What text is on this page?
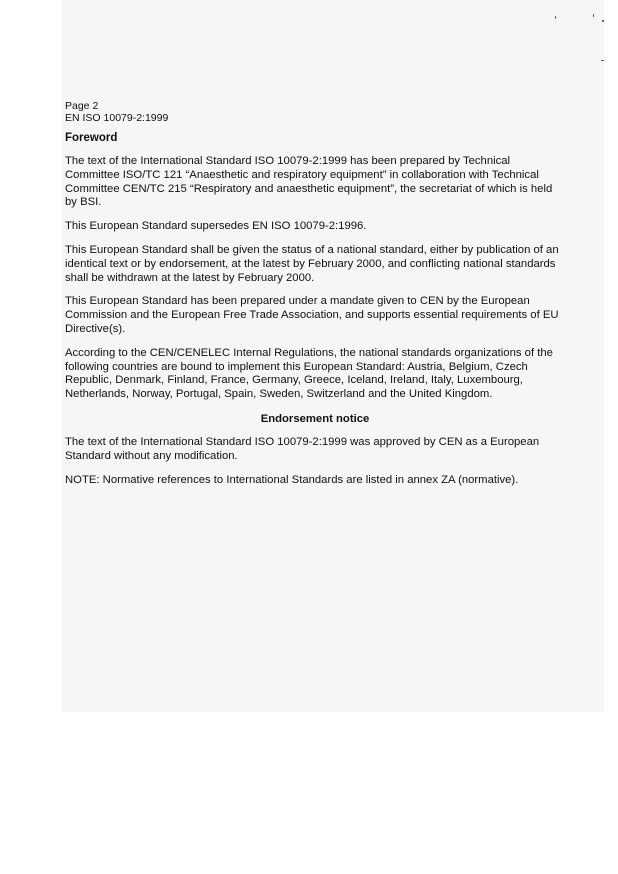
Page 2

EN ISO 10079-2:1999

Foreword

The text of the International Standard ISO 10079-2:1999 has been prepared by Technical Committee ISO/TC 121 “Anaesthetic and respiratory equipment” in collaboration with Technical Committee CEN/TC 215 “Respiratory and anaesthetic equipment”, the secretariat of which is held by BSI.

This European Standard supersedes EN ISO 10079-2:1996.

This European Standard shall be given the status of a national standard, either by publication of an identical text or by endorsement, at the latest by February 2000, and conflicting national standards shall be withdrawn at the latest by February 2000.

This European Standard has been prepared under a mandate given to CEN by the European Commission and the European Free Trade Association, and supports essential requirements of EU Directive(s).

According to the CEN/CENELEC Internal Regulations, the national standards organizations of the following countries are bound to implement this European Standard: Austria, Belgium, Czech Republic, Denmark, Finland, France, Germany, Greece, Iceland, Ireland, Italy, Luxembourg, Netherlands, Norway, Portugal, Spain, Sweden, Switzerland and the United Kingdom.

Endorsement notice

The text of the International Standard ISO 10079-2:1999 was approved by CEN as a European Standard without any modification.

NOTE: Normative references to International Standards are listed in annex ZA (normative).
